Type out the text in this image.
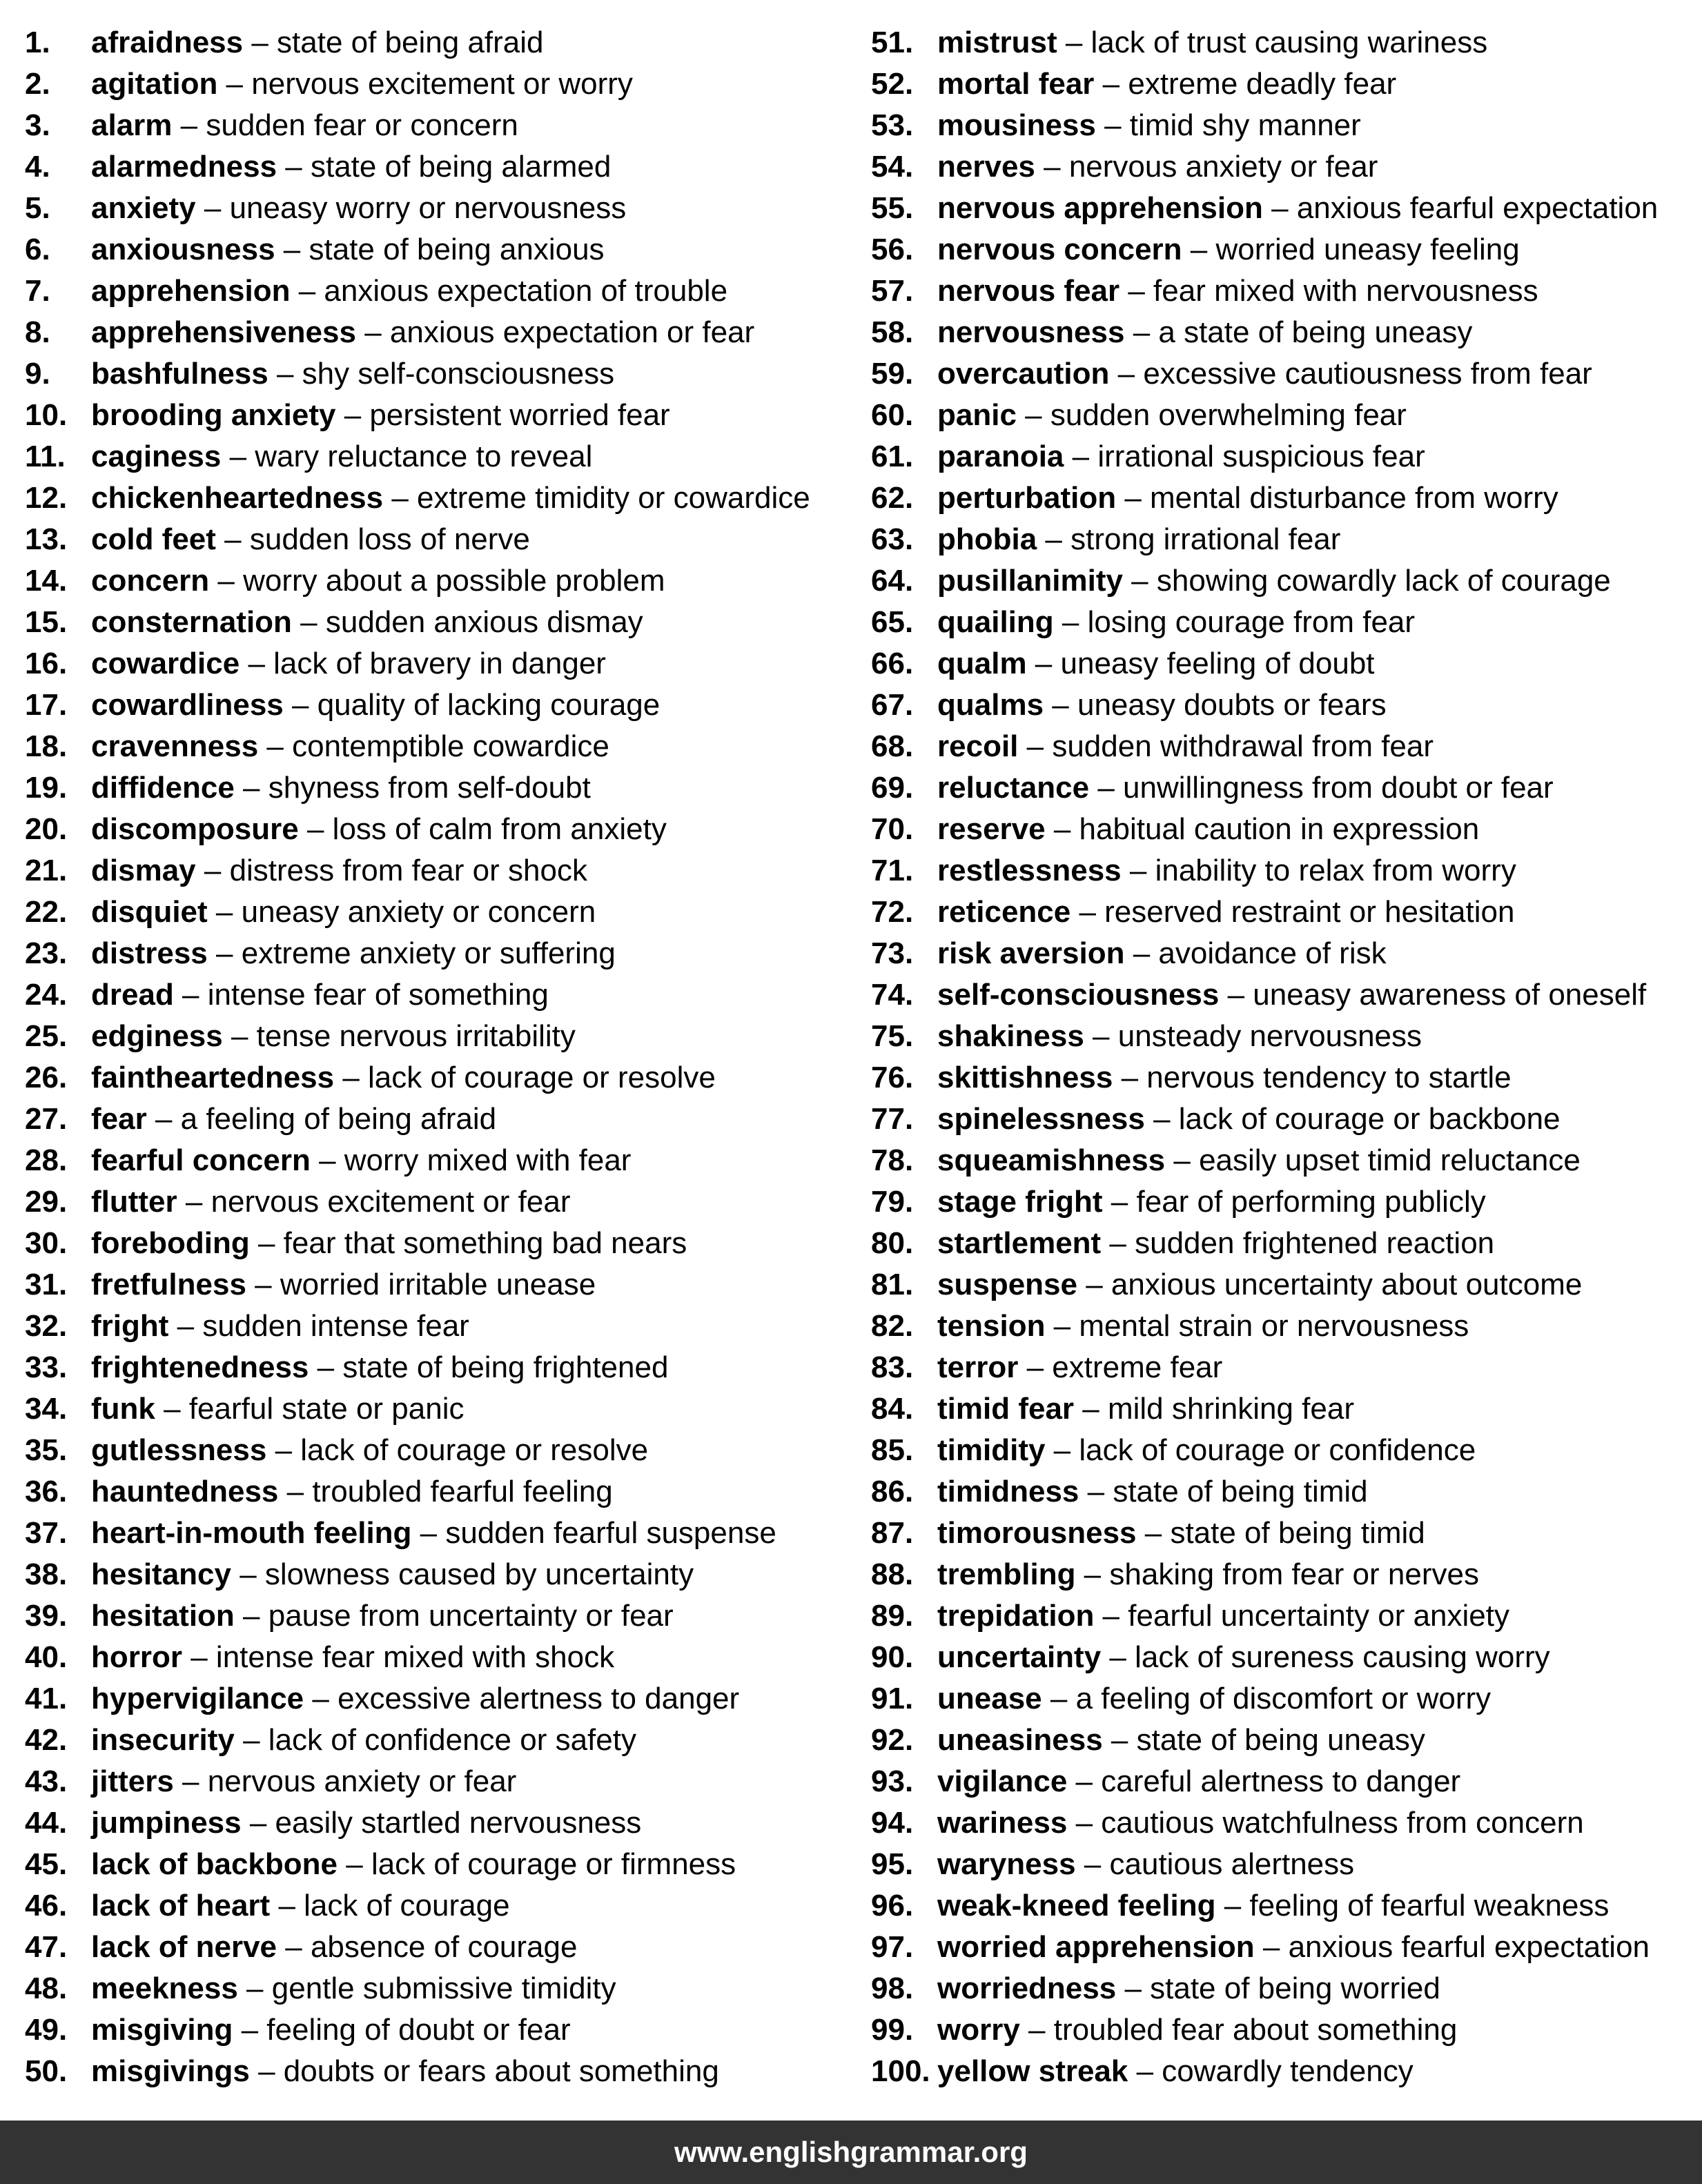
1. afraidness – state of being afraid
2. agitation – nervous excitement or worry
3. alarm – sudden fear or concern
4. alarmedness – state of being alarmed
5. anxiety – uneasy worry or nervousness
6. anxiousness – state of being anxious
7. apprehension – anxious expectation of trouble
8. apprehensiveness – anxious expectation or fear
9. bashfulness – shy self-consciousness
10. brooding anxiety – persistent worried fear
11. caginess – wary reluctance to reveal
12. chickenheartedness – extreme timidity or cowardice
13. cold feet – sudden loss of nerve
14. concern – worry about a possible problem
15. consternation – sudden anxious dismay
16. cowardice – lack of bravery in danger
17. cowardliness – quality of lacking courage
18. cravenness – contemptible cowardice
19. diffidence – shyness from self-doubt
20. discomposure – loss of calm from anxiety
21. dismay – distress from fear or shock
22. disquiet – uneasy anxiety or concern
23. distress – extreme anxiety or suffering
24. dread – intense fear of something
25. edginess – tense nervous irritability
26. faintheartedness – lack of courage or resolve
27. fear – a feeling of being afraid
28. fearful concern – worry mixed with fear
29. flutter – nervous excitement or fear
30. foreboding – fear that something bad nears
31. fretfulness – worried irritable unease
32. fright – sudden intense fear
33. frightenedness – state of being frightened
34. funk – fearful state or panic
35. gutlessness – lack of courage or resolve
36. hauntedness – troubled fearful feeling
37. heart-in-mouth feeling – sudden fearful suspense
38. hesitancy – slowness caused by uncertainty
39. hesitation – pause from uncertainty or fear
40. horror – intense fear mixed with shock
41. hypervigilance – excessive alertness to danger
42. insecurity – lack of confidence or safety
43. jitters – nervous anxiety or fear
44. jumpiness – easily startled nervousness
45. lack of backbone – lack of courage or firmness
46. lack of heart – lack of courage
47. lack of nerve – absence of courage
48. meekness – gentle submissive timidity
49. misgiving – feeling of doubt or fear
50. misgivings – doubts or fears about something
51. mistrust – lack of trust causing wariness
52. mortal fear – extreme deadly fear
53. mousiness – timid shy manner
54. nerves – nervous anxiety or fear
55. nervous apprehension – anxious fearful expectation
56. nervous concern – worried uneasy feeling
57. nervous fear – fear mixed with nervousness
58. nervousness – a state of being uneasy
59. overcaution – excessive cautiousness from fear
60. panic – sudden overwhelming fear
61. paranoia – irrational suspicious fear
62. perturbation – mental disturbance from worry
63. phobia – strong irrational fear
64. pusillanimity – showing cowardly lack of courage
65. quailing – losing courage from fear
66. qualm – uneasy feeling of doubt
67. qualms – uneasy doubts or fears
68. recoil – sudden withdrawal from fear
69. reluctance – unwillingness from doubt or fear
70. reserve – habitual caution in expression
71. restlessness – inability to relax from worry
72. reticence – reserved restraint or hesitation
73. risk aversion – avoidance of risk
74. self-consciousness – uneasy awareness of oneself
75. shakiness – unsteady nervousness
76. skittishness – nervous tendency to startle
77. spinelessness – lack of courage or backbone
78. squeamishness – easily upset timid reluctance
79. stage fright – fear of performing publicly
80. startlement – sudden frightened reaction
81. suspense – anxious uncertainty about outcome
82. tension – mental strain or nervousness
83. terror – extreme fear
84. timid fear – mild shrinking fear
85. timidity – lack of courage or confidence
86. timidness – state of being timid
87. timorousness – state of being timid
88. trembling – shaking from fear or nerves
89. trepidation – fearful uncertainty or anxiety
90. uncertainty – lack of sureness causing worry
91. unease – a feeling of discomfort or worry
92. uneasiness – state of being uneasy
93. vigilance – careful alertness to danger
94. wariness – cautious watchfulness from concern
95. waryness – cautious alertness
96. weak-kneed feeling – feeling of fearful weakness
97. worried apprehension – anxious fearful expectation
98. worriedness – state of being worried
99. worry – troubled fear about something
100. yellow streak – cowardly tendency
www.englishgrammar.org
